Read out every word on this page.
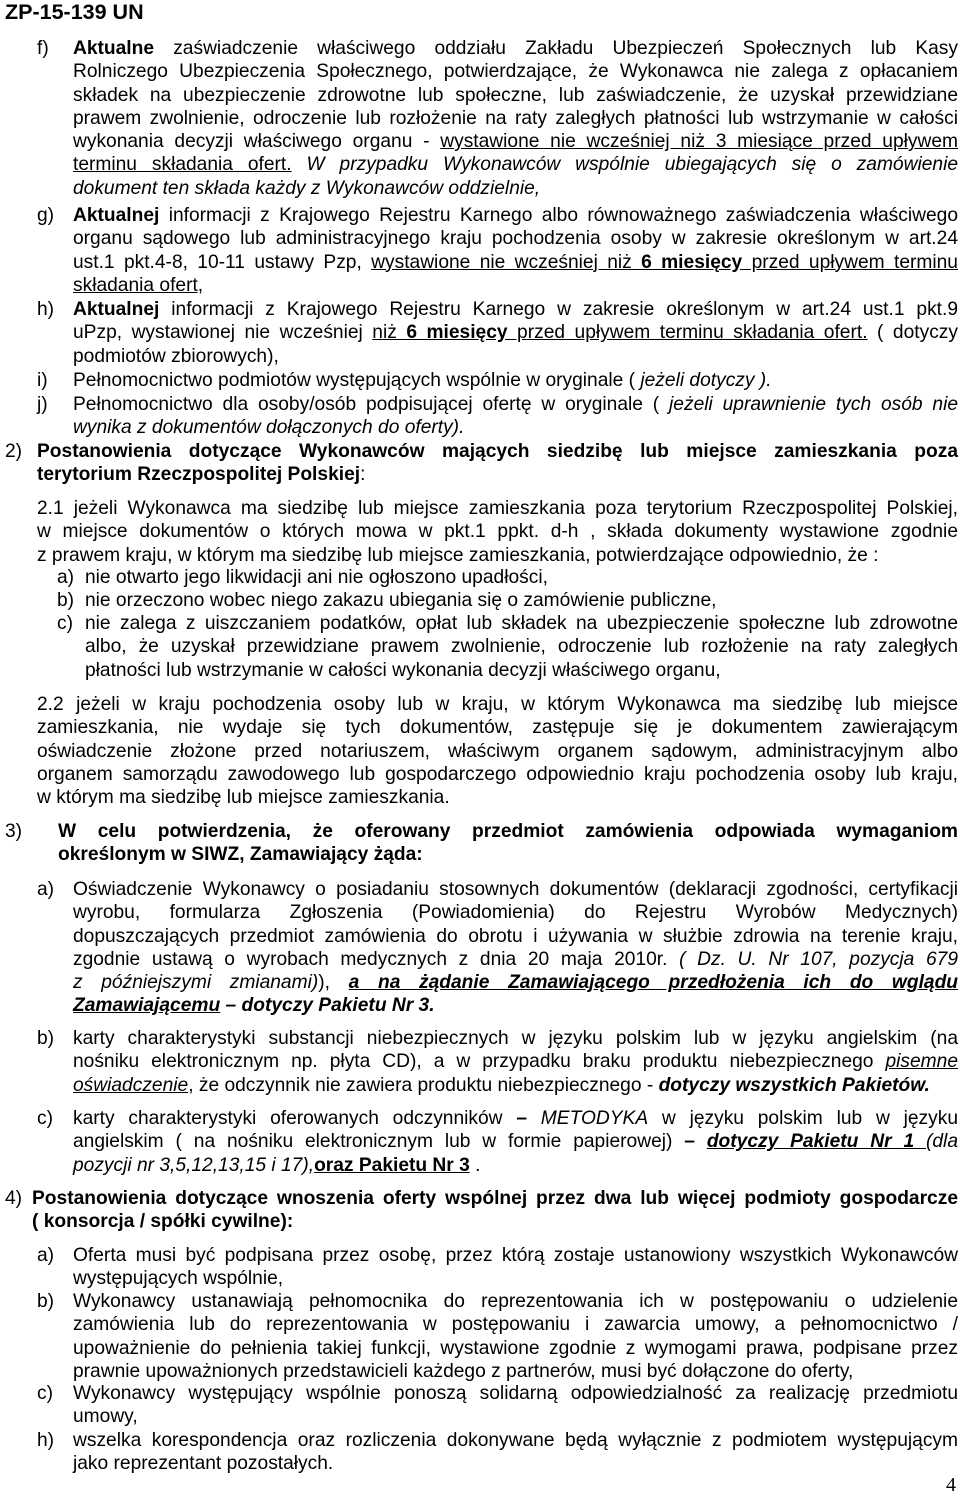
ZP-15-139 UN
f) Aktualne zaświadczenie właściwego oddziału Zakładu Ubezpieczeń Społecznych lub Kasy
Rolniczego Ubezpieczenia Społecznego, potwierdzające, że Wykonawca nie zalega z opłacaniem
składek na ubezpieczenie zdrowotne lub społeczne, lub zaświadczenie, że uzyskał przewidziane
prawem zwolnienie, odroczenie lub rozłożenie na raty zaległych płatności lub wstrzymanie w całości
wykonania decyzji właściwego organu - wystawione nie wcześniej niż 3 miesiące przed upływem
terminu składania ofert. W przypadku Wykonawców wspólnie ubiegających się o zamówienie
dokument ten składa każdy z Wykonawców oddzielnie,
g) Aktualnej informacji z Krajowego Rejestru Karnego albo równoważnego zaświadczenia właściwego
organu sądowego lub administracyjnego kraju pochodzenia osoby w zakresie określonym w art.24
ust.1 pkt.4-8, 10-11 ustawy Pzp, wystawione nie wcześniej niż 6 miesięcy przed upływem terminu
składania ofert,
h) Aktualnej informacji z Krajowego Rejestru Karnego w zakresie określonym w art.24 ust.1 pkt.9
uPzp, wystawionej nie wcześniej niż 6 miesięcy przed upływem terminu składania ofert. ( dotyczy
podmiotów zbiorowych),
i) Pełnomocnictwo podmiotów występujących wspólnie w oryginale ( jeżeli dotyczy ).
j) Pełnomocnictwo dla osoby/osób podpisującej ofertę w oryginale ( jeżeli uprawnienie tych osób nie
wynika z dokumentów dołączonych do oferty).
2) Postanowienia dotyczące Wykonawców mających siedzibę lub miejsce zamieszkania poza
terytorium Rzeczpospolitej Polskiej:
2.1 jeżeli Wykonawca ma siedzibę lub miejsce zamieszkania poza terytorium Rzeczpospolitej Polskiej,
w miejsce dokumentów o których mowa w pkt.1 ppkt. d-h , składa dokumenty wystawione zgodnie
z prawem kraju, w którym ma siedzibę lub miejsce zamieszkania, potwierdzające odpowiednio, że :
a) nie otwarto jego likwidacji ani nie ogłoszono upadłości,
b) nie orzeczono wobec niego zakazu ubiegania się o zamówienie publiczne,
c) nie zalega z uiszczaniem podatków, opłat lub składek na ubezpieczenie społeczne lub zdrowotne
albo, że uzyskał przewidziane prawem zwolnienie, odroczenie lub rozłożenie na raty zaległych
płatności lub wstrzymanie w całości wykonania decyzji właściwego organu,
2.2 jeżeli w kraju pochodzenia osoby lub w kraju, w którym Wykonawca ma siedzibę lub miejsce
zamieszkania, nie wydaje się tych dokumentów, zastępuje się je dokumentem zawierającym
oświadczenie złożone przed notariuszem, właściwym organem sądowym, administracyjnym albo
organem samorządu zawodowego lub gospodarczego odpowiednio kraju pochodzenia osoby lub kraju,
w którym ma siedzibę lub miejsce zamieszkania.
3) W celu potwierdzenia, że oferowany przedmiot zamówienia odpowiada wymaganiom
określonym w SIWZ, Zamawiający żąda:
a) Oświadczenie Wykonawcy o posiadaniu stosownych dokumentów (deklaracji zgodności, certyfikacji
wyrobu, formularza Zgłoszenia (Powiadomienia) do Rejestru Wyrobów Medycznych)
dopuszczających przedmiot zamówienia do obrotu i używania w służbie zdrowia na terenie kraju,
zgodnie ustawą o wyrobach medycznych z dnia 20 maja 2010r. ( Dz. U. Nr 107, pozycja 679
z późniejszymi zmianami)), a na żądanie Zamawiającego przedłożenia ich do wglądu
Zamawiającemu – dotyczy Pakietu Nr 3.
b) karty charakterystyki substancji niebezpiecznych w języku polskim lub w języku angielskim (na
nośniku elektronicznym np. płyta CD), a w przypadku braku produktu niebezpiecznego pisemne
oświadczenie, że odczynnik nie zawiera produktu niebezpiecznego - dotyczy wszystkich Pakietów.
c) karty charakterystyki oferowanych odczynników – METODYKA w języku polskim lub w języku
angielskim ( na nośniku elektronicznym lub w formie papierowej) – dotyczy Pakietu Nr 1 (dla
pozycji nr 3,5,12,13,15 i 17),oraz Pakietu Nr 3 .
4) Postanowienia dotyczące wnoszenia oferty wspólnej przez dwa lub więcej podmioty gospodarcze
( konsorcja / spółki cywilne):
a) Oferta musi być podpisana przez osobę, przez którą zostaje ustanowiony wszystkich Wykonawców
występujących wspólnie,
b) Wykonawcy ustanawiają pełnomocnika do reprezentowania ich w postępowaniu o udzielenie
zamówienia lub do reprezentowania w postępowaniu i zawarcia umowy, a pełnomocnictwo /
upoważnienie do pełnienia takiej funkcji, wystawione zgodnie z wymogami prawa, podpisane przez
prawnie upoważnionych przedstawicieli każdego z partnerów, musi być dołączone do oferty,
c) Wykonawcy występujący wspólnie ponoszą solidarną odpowiedzialność za realizację przedmiotu
umowy,
h) wszelka korespondencja oraz rozliczenia dokonywane będą wyłącznie z podmiotem występującym
jako reprezentant pozostałych.
4
